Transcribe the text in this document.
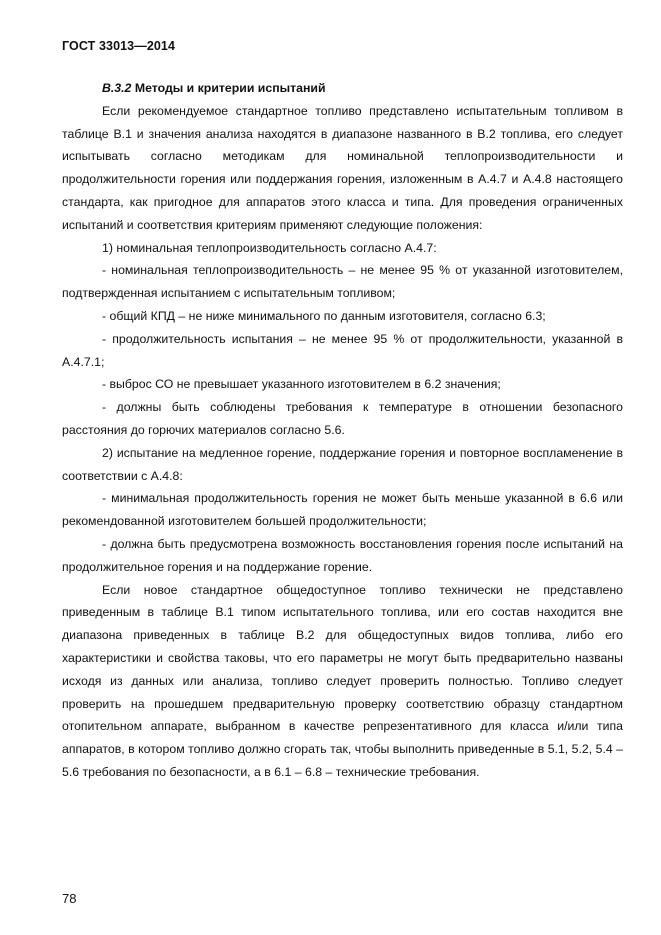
ГОСТ 33013—2014
В.3.2 Методы и критерии испытаний

Если рекомендуемое стандартное топливо представлено испытательным топливом в таблице В.1 и значения анализа находятся в диапазоне названного в В.2 топлива, его следует испытывать согласно методикам для номинальной теплопроизводительности и продолжительности горения или поддержания горения, изложенным в А.4.7 и А.4.8 настоящего стандарта, как пригодное для аппаратов этого класса и типа. Для проведения ограниченных испытаний и соответствия критериям применяют следующие положения:

1) номинальная теплопроизводительность согласно А.4.7:

- номинальная теплопроизводительность – не менее 95 % от указанной изготовителем, подтвержденная испытанием с испытательным топливом;

- общий КПД – не ниже минимального по данным изготовителя, согласно 6.3;

- продолжительность испытания – не менее 95 % от продолжительности, указанной в А.4.7.1;

- выброс СО не превышает указанного изготовителем в 6.2 значения;

- должны быть соблюдены требования к температуре в отношении безопасного расстояния до горючих материалов согласно 5.6.

2) испытание на медленное горение, поддержание горения и повторное воспламенение в соответствии с А.4.8:

- минимальная продолжительность горения не может быть меньше указанной в 6.6 или рекомендованной изготовителем большей продолжительности;

- должна быть предусмотрена возможность восстановления горения после испытаний на продолжительное горения и на поддержание горение.

Если новое стандартное общедоступное топливо технически не представлено приведенным в таблице В.1 типом испытательного топлива, или его состав находится вне диапазона приведенных в таблице В.2 для общедоступных видов топлива, либо его характеристики и свойства таковы, что его параметры не могут быть предварительно названы исходя из данных или анализа, топливо следует проверить полностью. Топливо следует проверить на прошедшем предварительную проверку соответствию образцу стандартном отопительном аппарате, выбранном в качестве репрезентативного для класса и/или типа аппаратов, в котором топливо должно сгорать так, чтобы выполнить приведенные в 5.1, 5.2, 5.4 – 5.6 требования по безопасности, а в 6.1 – 6.8 – технические требования.

78
